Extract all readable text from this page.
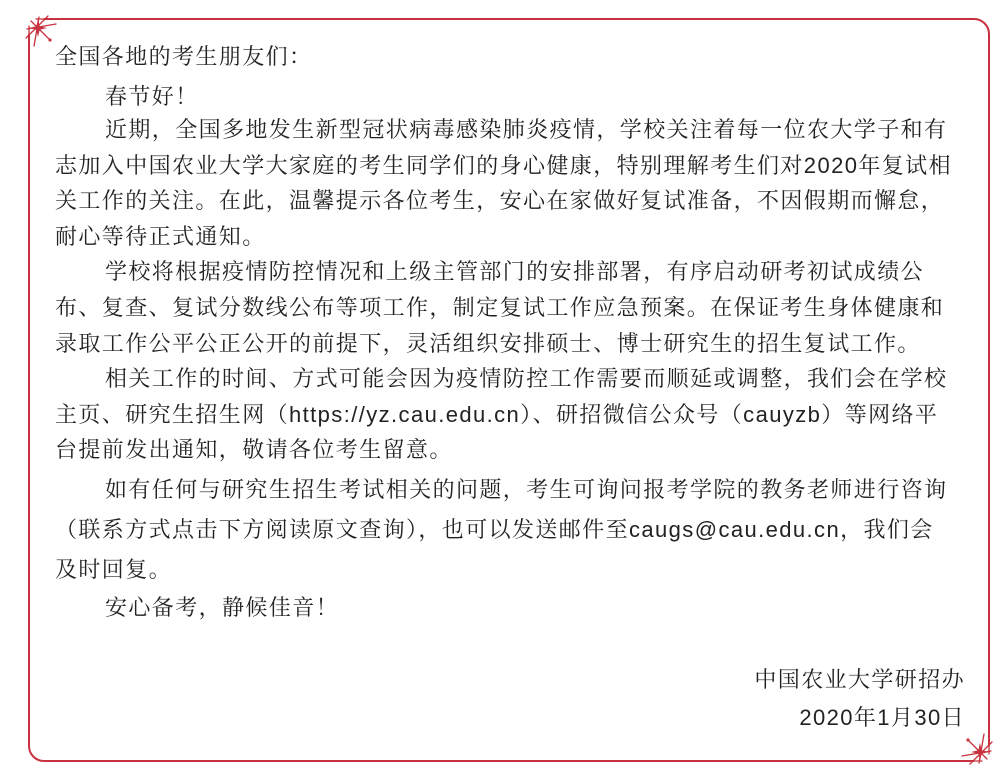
全国各地的考生朋友们：

春节好！

近期，全国多地发生新型冠状病毒感染肺炎疫情，学校关注着每一位农大学子和有志加入中国农业大学大家庭的考生同学们的身心健康，特别理解考生们对2020年复试相关工作的关注。在此，温馨提示各位考生，安心在家做好复试准备，不因假期而懈怠，耐心等待正式通知。

学校将根据疫情防控情况和上级主管部门的安排部署，有序启动研考初试成绩公布、复查、复试分数线公布等项工作，制定复试工作应急预案。在保证考生身体健康和录取工作公平公正公开的前提下，灵活组织安排硕士、博士研究生的招生复试工作。

相关工作的时间、方式可能会因为疫情防控工作需要而顺延或调整，我们会在学校主页、研究生招生网（https://yz.cau.edu.cn）、研招微信公众号（cauyzb）等网络平台提前发出通知，敬请各位考生留意。

如有任何与研究生招生考试相关的问题，考生可询问报考学院的教务老师进行咨询（联系方式点击下方阅读原文查询），也可以发送邮件至caugs@cau.edu.cn，我们会及时回复。

安心备考，静候佳音！

中国农业大学研招办

2020年1月30日
